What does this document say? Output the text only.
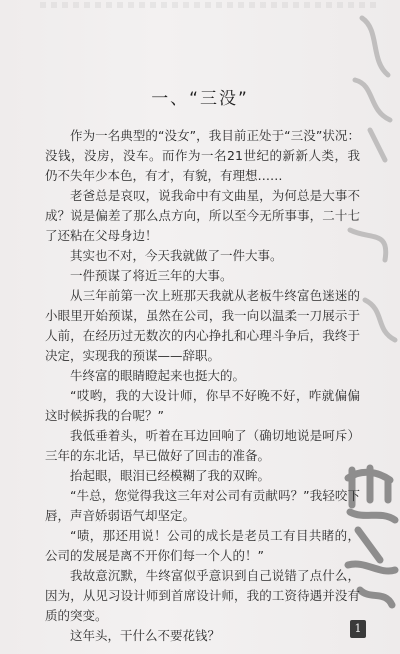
一、“三没”

作为一名典型的“没女”，我目前正处于“三没”状况：没钱，没房，没车。而作为一名21世纪的新新人类，我仍不失年少本色，有才，有貌，有理想……

老爸总是哀叹，说我命中有文曲星，为何总是大事不成？说是偏差了那么点方向，所以至今无所事事，二十七了还粘在父母身边！

其实也不对，今天我就做了一件大事。

一件预谋了将近三年的大事。

从三年前第一次上班那天我就从老板牛终富色迷迷的小眼里开始预谋，虽然在公司，我一向以温柔一刀展示于人前，在经历过无数次的内心挣扎和心理斗争后，我终于决定，实现我的预谋——辞职。

牛终富的眼睛瞪起来也挺大的。

“哎哟，我的大设计师，你早不好晚不好，咋就偏偏这时候拆我的台呢？”

我低垂着头，听着在耳边回响了（确切地说是呵斥）三年的东北话，早已做好了回击的准备。

抬起眼，眼泪已经模糊了我的双眸。

“牛总，您觉得我这三年对公司有贡献吗？”我轻咬下唇，声音娇弱语气却坚定。

“啧，那还用说！公司的成长是老员工有目共睹的，公司的发展是离不开你们每一个人的！”

我故意沉默，牛终富似乎意识到自己说错了点什么，因为，从见习设计师到首席设计师，我的工资待遇并没有质的突变。

这年头，干什么不要花钱？	1
